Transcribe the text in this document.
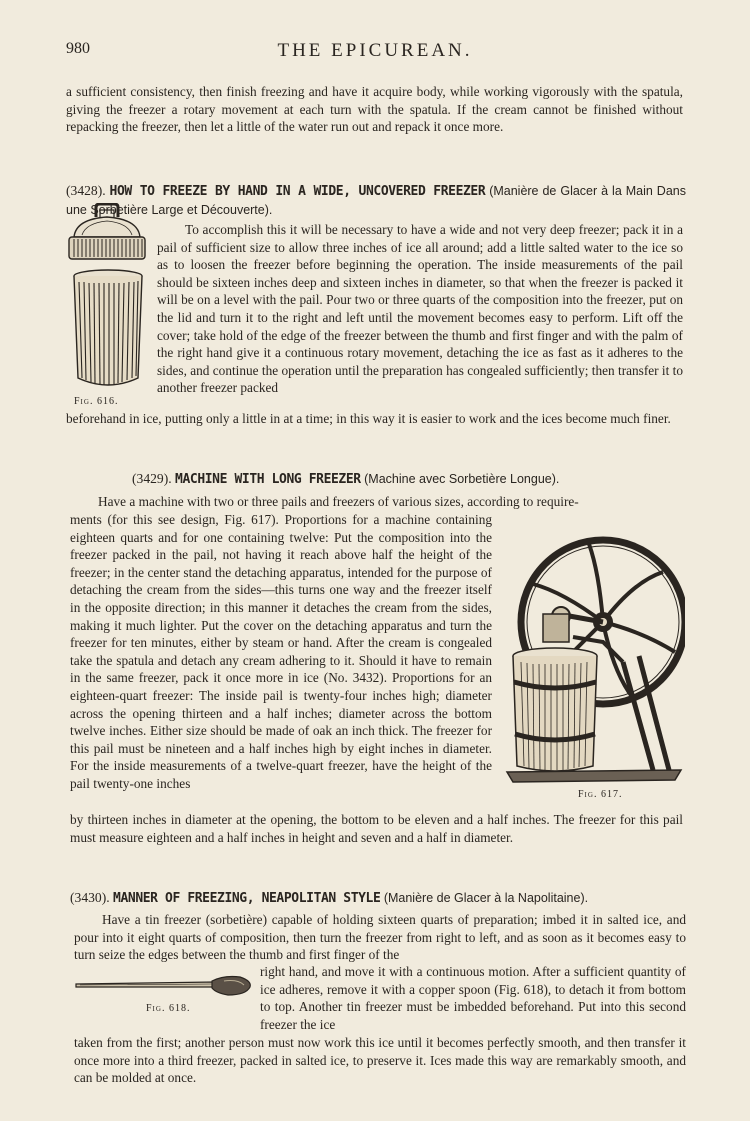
980	THE EPICUREAN.

a sufficient consistency, then finish freezing and have it acquire body, while working vigorously with the spatula, giving the freezer a rotary movement at each turn with the spatula. If the cream cannot be finished without repacking the freezer, then let a little of the water run out and repack it once more.

(3428). HOW TO FREEZE BY HAND IN A WIDE, UNCOVERED FREEZER (Manière de Glacer à la Main Dans une Sorbetière Large et Découverte).
Fig. 616.

To accomplish this it will be necessary to have a wide and not very deep freezer; pack it in a pail of sufficient size to allow three inches of ice all around; add a little salted water to the ice so as to loosen the freezer before beginning the operation. The inside measurements of the pail should be sixteen inches deep and sixteen inches in diameter, so that when the freezer is packed it will be on a level with the pail. Pour two or three quarts of the composition into the freezer, put on the lid and turn it to the right and left until the movement becomes easy to perform. Lift off the cover; take hold of the edge of the freezer between the thumb and first finger and with the palm of the right hand give it a continuous rotary movement, detaching the ice as fast as it adheres to the sides, and continue the operation until the preparation has congealed sufficiently; then transfer it to another freezer packed

beforehand in ice, putting only a little in at a time; in this way it is easier to work and the ices become much finer.

(3429). MACHINE WITH LONG FREEZER (Machine avec Sorbetière Longue).

Have a machine with two or three pails and freezers of various sizes, according to require-

ments (for this see design, Fig. 617). Proportions for a machine containing eighteen quarts and for one containing twelve: Put the composition into the freezer packed in the pail, not having it reach above half the height of the freezer; in the center stand the detaching apparatus, intended for the purpose of detaching the cream from the sides—this turns one way and the freezer itself in the opposite direction; in this manner it detaches the cream from the sides, making it much lighter. Put the cover on the detaching apparatus and turn the freezer for ten minutes, either by steam or hand. After the cream is congealed take the spatula and detach any cream adhering to it. Should it have to remain in the same freezer, pack it once more in ice (No. 3432). Proportions for an eighteen-quart freezer: The inside pail is twenty-four inches high; diameter across the opening thirteen and a half inches; diameter across the bottom twelve inches. Either size should be made of oak an inch thick. The freezer for this pail must be nineteen and a half inches high by eight inches in diameter. For the inside measurements of a twelve-quart freezer, have the height of the pail twenty-one inches

Fig. 617.

by thirteen inches in diameter at the opening, the bottom to be eleven and a half inches. The freezer for this pail must measure eighteen and a half inches in height and seven and a half in diameter.

(3430). MANNER OF FREEZING, NEAPOLITAN STYLE (Manière de Glacer à la Napolitaine).

Have a tin freezer (sorbetière) capable of holding sixteen quarts of preparation; imbed it in salted ice, and pour into it eight quarts of composition, then turn the freezer from right to left, and as soon as it becomes easy to turn seize the edges between the thumb and first finger of the

Fig. 618.

right hand, and move it with a continuous motion. After a sufficient quantity of ice adheres, remove it with a copper spoon (Fig. 618), to detach it from bottom to top. Another tin freezer must be imbedded beforehand. Put into this second freezer the ice

taken from the first; another person must now work this ice until it becomes perfectly smooth, and then transfer it once more into a third freezer, packed in salted ice, to preserve it. Ices made this way are remarkably smooth, and can be molded at once.
